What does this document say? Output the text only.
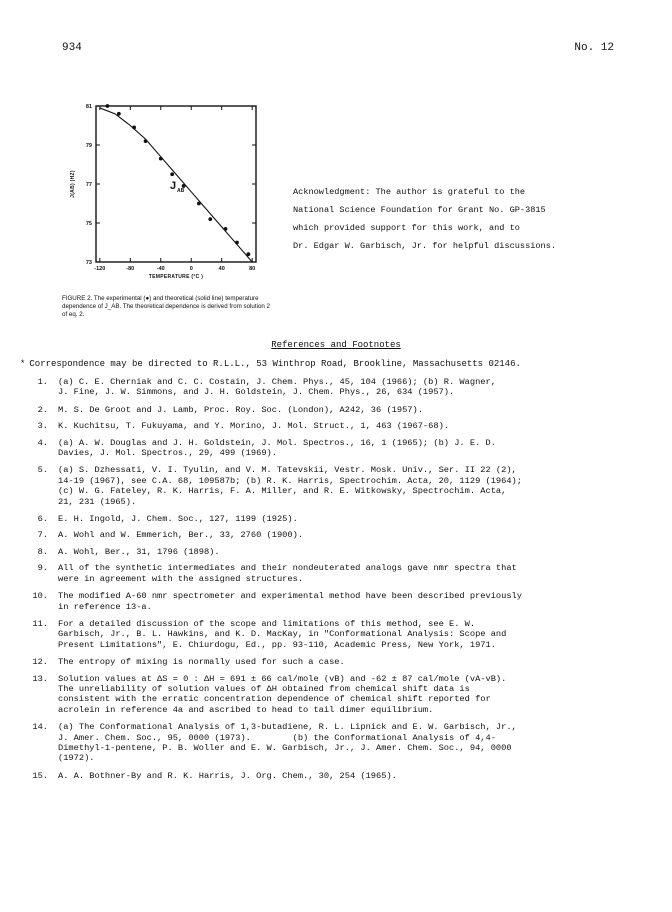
934	No. 12
81
79
77
75
73
-120	-80	-40	0	40	80
TEMPERATURE (°C )
J(AB) (HZ)	J AB
FIGURE 2. The experimental (●) and theoretical (solid line) temperature dependence of J_AB. The theoretical dependence is derived from solution 2 of eq. 2.
Acknowledgment: The author is grateful to the
National Science Foundation for Grant No. GP-3815
which provided support for this work, and to
Dr. Edgar W. Garbisch, Jr. for helpful discussions.
References and Footnotes
* Correspondence may be directed to R.L.L., 53 Winthrop Road, Brookline, Massachusetts 02146.
1.	(a) C. E. Cherniak and C. C. Costain, J. Chem. Phys., 45, 104 (1966); (b) R. Wagner,
J. Fine, J. W. Simmons, and J. H. Goldstein, J. Chem. Phys., 26, 634 (1957).
2.	M. S. De Groot and J. Lamb, Proc. Roy. Soc. (London), A242, 36 (1957).
3.	K. Kuchitsu, T. Fukuyama, and Y. Morino, J. Mol. Struct., 1, 463 (1967-68).
4.	(a) A. W. Douglas and J. H. Goldstein, J. Mol. Spectros., 16, 1 (1965); (b) J. E. D.
Davies, J. Mol. Spectros., 29, 499 (1969).
5.	(a) S. Dzhessati, V. I. Tyulin, and V. M. Tatevskii, Vestr. Mosk. Univ., Ser. II 22 (2),
14-19 (1967), see C.A. 68, 109587b; (b) R. K. Harris, Spectrochim. Acta, 20, 1129 (1964);
(c) W. G. Fateley, R. K. Harris, F. A. Miller, and R. E. Witkowsky, Spectrochim. Acta,
21, 231 (1965).
6.	E. H. Ingold, J. Chem. Soc., 127, 1199 (1925).
7.	A. Wohl and W. Emmerich, Ber., 33, 2760 (1900).
8.	A. Wohl, Ber., 31, 1796 (1898).
9.	All of the synthetic intermediates and their nondeuterated analogs gave nmr spectra that
were in agreement with the assigned structures.
10.	The modified A-60 nmr spectrometer and experimental method have been described previously
in reference 13-a.
11.	For a detailed discussion of the scope and limitations of this method, see E. W.
Garbisch, Jr., B. L. Hawkins, and K. D. MacKay, in "Conformational Analysis: Scope and
Present Limitations", E. Chiurdogu, Ed., pp. 93-110, Academic Press, New York, 1971.
12.	The entropy of mixing is normally used for such a case.
13.	Solution values at ΔS = 0 : ΔH = 691 ± 66 cal/mole (vB) and -62 ± 87 cal/mole (vA-vB).
The unreliability of solution values of ΔH obtained from chemical shift data is
consistent with the erratic concentration dependence of chemical shift reported for
acrolein in reference 4a and ascribed to head to tail dimer equilibrium.
14.	(a) The Conformational Analysis of 1,3-butadiene, R. L. Lipnick and E. W. Garbisch, Jr.,
J. Amer. Chem. Soc., 95, 0000 (1973).        (b) the Conformational Analysis of 4,4-
Dimethyl-1-pentene, P. B. Woller and E. W. Garbisch, Jr., J. Amer. Chem. Soc., 94, 0000
(1972).
15.	A. A. Bothner-By and R. K. Harris, J. Org. Chem., 30, 254 (1965).
